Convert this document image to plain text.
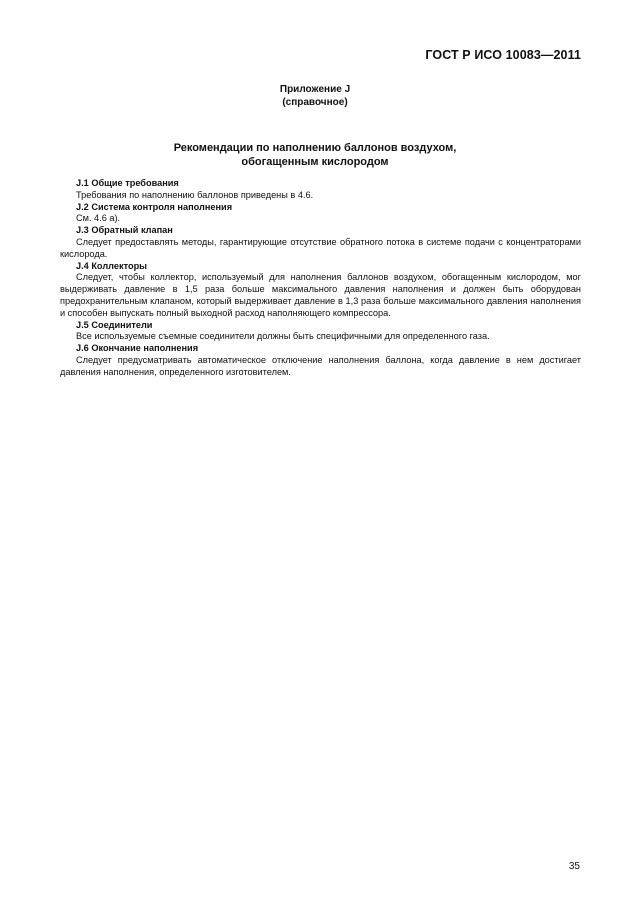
ГОСТ Р ИСО 10083—2011
Приложение J
(справочное)
Рекомендации по наполнению баллонов воздухом,
обогащенным кислородом

J.1 Общие требования

Требования по наполнению баллонов приведены в 4.6.

J.2 Система контроля наполнения

См. 4.6 а).

J.3 Обратный клапан

Следует предоставлять методы, гарантирующие отсутствие обратного потока в системе подачи с концентраторами кислорода.

J.4 Коллекторы

Следует, чтобы коллектор, используемый для наполнения баллонов воздухом, обогащенным кислородом, мог выдерживать давление в 1,5 раза больше максимального давления наполнения и должен быть оборудован предохранительным клапаном, который выдерживает давление в 1,3 раза больше максимального давления наполнения и способен выпускать полный выходной расход наполняющего компрессора.

J.5 Соединители

Все используемые съемные соединители должны быть специфичными для определенного газа.

J.6 Окончание наполнения

Следует предусматривать автоматическое отключение наполнения баллона, когда давление в нем достигает давления наполнения, определенного изготовителем.

35
